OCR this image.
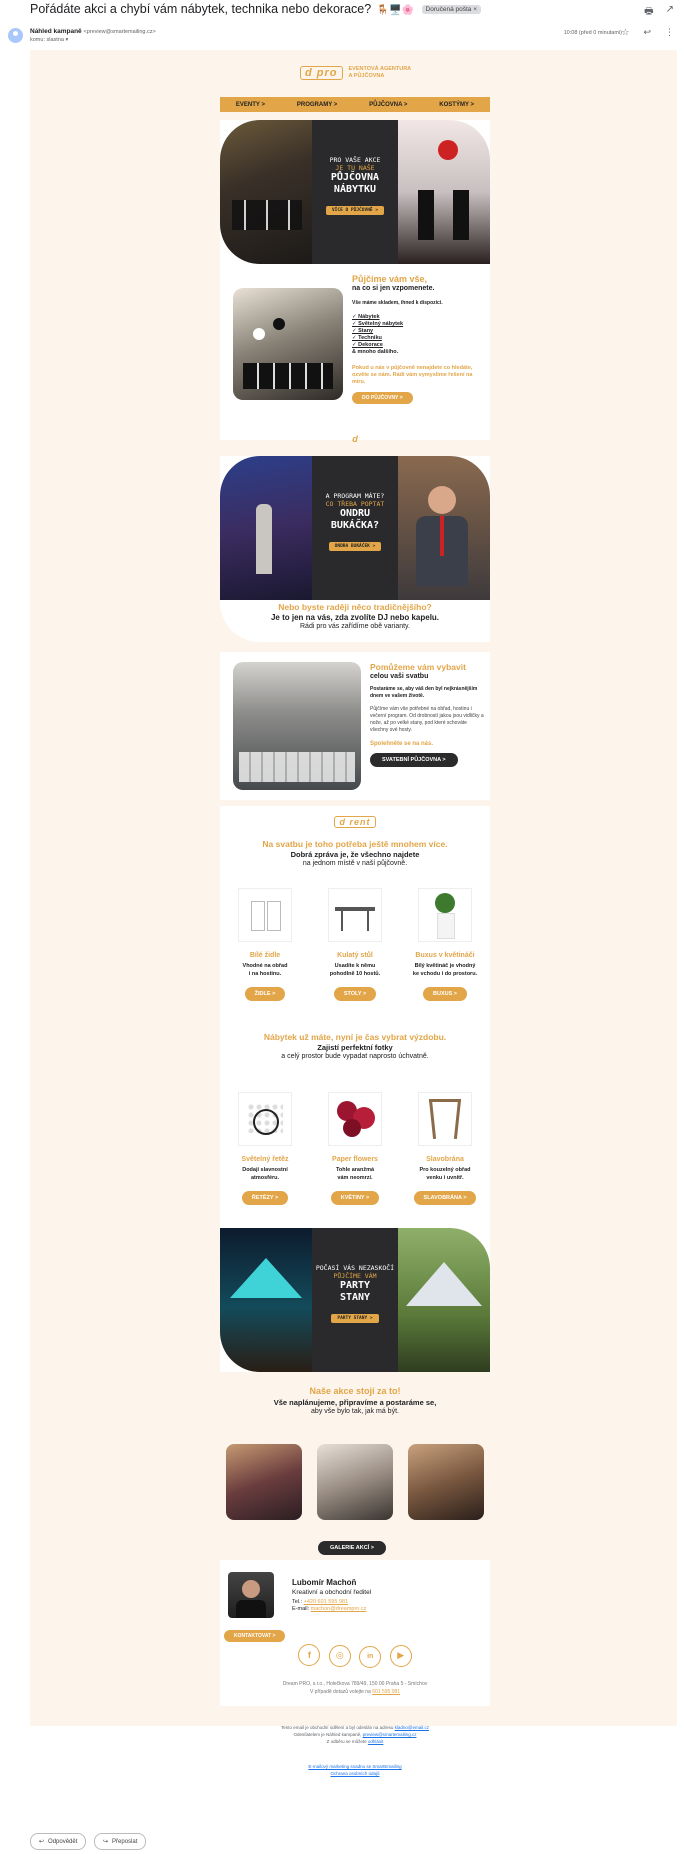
Pořádáte akci a chybí vám nábytek, technika nebo dekorace? 🪑🖥️🌸 Doručená pošta ×	🖶 ↗
Náhled kampaně <preview@smartemailing.cz>
komu: slastna ▾
10:08 (před 0 minutami) ☆ ↩ ⋮
d pro	EVENTOVÁ AGENTURA
A PŮJČOVNA
EVENTY >	PROGRAMY >	PŮJČOVNA >	KOSTÝMY >
PRO VAŠE AKCE
JE TU NAŠE
PŮJČOVNA
NÁBYTKU
VÍCE O PŮJČOVNĚ >
Půjčíme vám vše,
na co si jen vzpomenete.
Vše máme skladem, ihned k dispozici.
✓ Nábytek
✓ Světelný nábytek
✓ Stany
✓ Techniku
✓ Dekorace
& mnoho dalšího.
Pokud u nás v půjčovně nenajdete co hledáte, ozvěte se nám. Rádi vám vymyslíme řešení na míru.
DO PŮJČOVNY >
d
A PROGRAM MÁTE?
CO TŘEBA POPTAT
ONDRU
BUKÁČKA?
ONDRA BUKÁČEK >
Nebo byste raději něco tradičnějšího?
Je to jen na vás, zda zvolíte DJ nebo kapelu.
Rádi pro vás zařídíme obě varianty.
Pomůžeme vám vybavit
celou vaši svatbu
Postaráme se, aby váš den byl nejkrásnějším dnem ve vašem životě.
Půjčíme vám vše potřebné na obřad, hostinu i večerní program. Od drobností jakou jsou vidličky a nože, až po velké stany, pod které schováte všechny své hosty.
Spolehněte se na nás.
SVATEBNÍ PŮJČOVNA >
d rent
Na svatbu je toho potřeba ještě mnohem více.
Dobrá zpráva je, že všechno najdete
na jednom místě v naší půjčovně.
Bílé židle
Vhodné na obřad
i na hostinu.
ŽIDLE >
Kulatý stůl
Usadíte k němu
pohodlně 10 hostů.
STOLY >
Buxus v květináči
Bílý květináč je vhodný
ke vchodu i do prostoru.
BUXUS >
Nábytek už máte, nyní je čas vybrat výzdobu.
Zajistí perfektní fotky
a celý prostor bude vypadat naprosto úchvatně.
Světelný řetěz
Dodají slavnostní
atmosféru.
ŘETĚZY >
Paper flowers
Tohle aranžmá
vám neomrzí.
KVĚTINY >
Slavobrána
Pro kouzelný obřad
venku i uvnitř.
SLAVOBRÁNA >
POČASÍ VÁS NEZASKOČÍ
PŮJČÍME VÁM
PARTY
STANY
PARTY STANY >
Naše akce stojí za to!
Vše naplánujeme, připravíme a postaráme se,
aby vše bylo tak, jak má být.
GALERIE AKCÍ >
Lubomír Machoň
Kreativní a obchodní ředitel
Tel.: +420 601 595 981
E-mail: machon@dreampro.cz
KONTAKTOVAT >
f	◎	in	▶
Dream PRO, s.r.o., Holečkova 789/49, 150 00 Praha 5 - Smíchov
V případě dotazů volejte na 601 595 981
Tento email je obchodní sdělení a byl odeslán na adresu kladno@email.cz
Odesílatelem je Náhled kampaně, preview@smartemailing.cz
Z odběru se můžete odhlásit
E-mailový marketing snadno se SmartEmailing
Ochrana osobních údajů
↩ Odpovědět	↪ Přeposlat
